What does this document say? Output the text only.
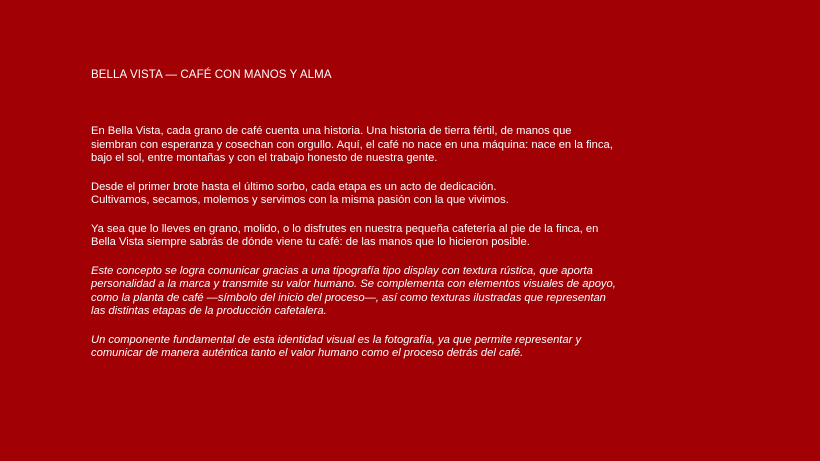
BELLA VISTA — CAFÉ CON MANOS Y ALMA

En Bella Vista, cada grano de café cuenta una historia. Una historia de tierra fértil, de manos que
siembran con esperanza y cosechan con orgullo. Aquí, el café no nace en una máquina: nace en la finca,
bajo el sol, entre montañas y con el trabajo honesto de nuestra gente.

Desde el primer brote hasta el último sorbo, cada etapa es un acto de dedicación.
Cultivamos, secamos, molemos y servimos con la misma pasión con la que vivimos.

Ya sea que lo lleves en grano, molido, o lo disfrutes en nuestra pequeña cafetería al pie de la finca, en
Bella Vista siempre sabrás de dónde viene tu café: de las manos que lo hicieron posible.

Este concepto se logra comunicar gracias a una tipografía tipo display con textura rústica, que aporta
personalidad a la marca y transmite su valor humano. Se complementa con elementos visuales de apoyo,
como la planta de café —símbolo del inicio del proceso—, así como texturas ilustradas que representan
las distintas etapas de la producción cafetalera.

Un componente fundamental de esta identidad visual es la fotografía, ya que permite representar y
comunicar de manera auténtica tanto el valor humano como el proceso detrás del café.
